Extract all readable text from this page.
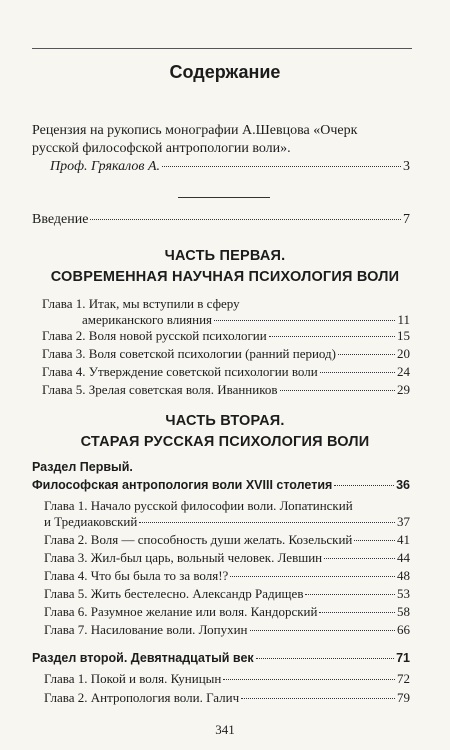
Содержание
Рецензия на рукопись монографии А.Шевцова «Очерк
русской философской антропологии воли».
Проф. Грякалов А.	3
Введение	7
ЧАСТЬ ПЕРВАЯ.
СОВРЕМЕННАЯ НАУЧНАЯ ПСИХОЛОГИЯ ВОЛИ
Глава 1. Итак, мы вступили в сферу
американского влияния	11
Глава 2. Воля новой русской психологии	15
Глава 3. Воля советской психологии (ранний период)	20
Глава 4. Утверждение советской психологии воли	24
Глава 5. Зрелая советская воля. Иванников	29
ЧАСТЬ ВТОРАЯ.
СТАРАЯ РУССКАЯ ПСИХОЛОГИЯ ВОЛИ
Раздел Первый.
Философская антропология воли XVIII столетия	36
Глава 1. Начало русской философии воли. Лопатинский
и Тредиаковский	37
Глава 2. Воля — способность души желать. Козельский	41
Глава 3. Жил-был царь, вольный человек. Левшин	44
Глава 4. Что бы была то за воля!?	48
Глава 5. Жить бестелесно. Александр Радищев	53
Глава 6. Разумное желание или воля. Кандорский	58
Глава 7. Насилование воли. Лопухин	66
Раздел второй. Девятнадцатый век	71
Глава 1. Покой и воля. Куницын	72
Глава 2. Антропология воли. Галич	79
341
